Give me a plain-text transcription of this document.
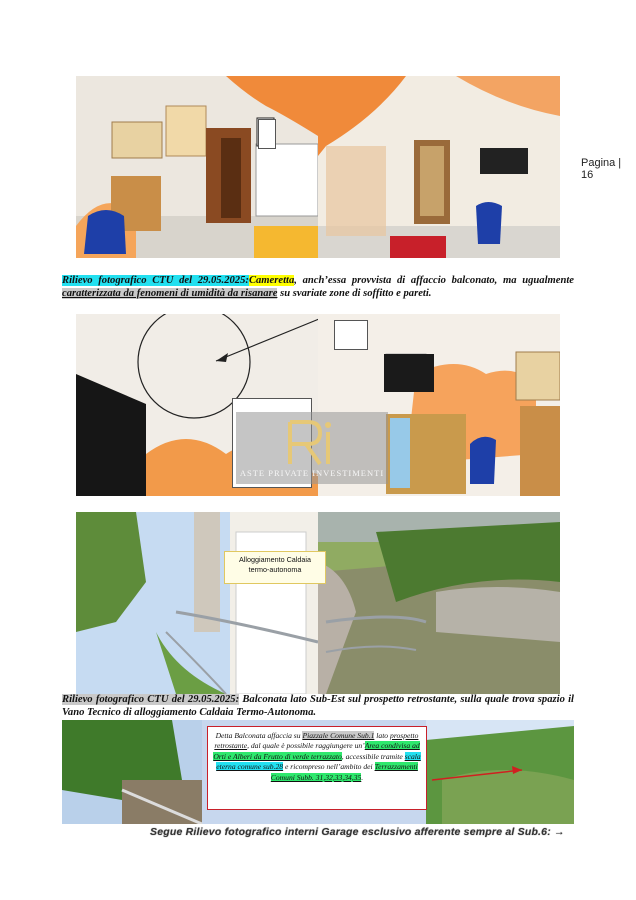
Pagina | 16

Rilievo fotografico CTU del 29.05.2025:Cameretta, anch’essa provvista di affaccio balconato, ma ugualmente caratterizzata da fenomeni di umidità da risanare su svariate zone di soffitto e pareti.

ASTE PRIVATE INVESTIMENTI
Alloggiamento Caldaia
termo-autonoma

Rilievo fotografico CTU del 29.05.2025: Balconata lato Sub-Est sul prospetto retrostante, sulla quale trova spazio il Vano Tecnico di alloggiamento Caldaia Termo-Autonoma.

Detta Balconata affaccia su Piazzale Comune Sub.1 lato prospetto retrostante, dal quale è possibile raggiungere un’Area condivisa ad Orti e Alberi da Frutto di verde terrazzato, accessibile tramite scala eterna comune sub.28 e ricompreso nell’ambito dei Terrazzamenti Comuni Subb. 31,32,33,34,35.
Segue Rilievo fotografico interni Garage esclusivo afferente sempre al Sub.6: →
